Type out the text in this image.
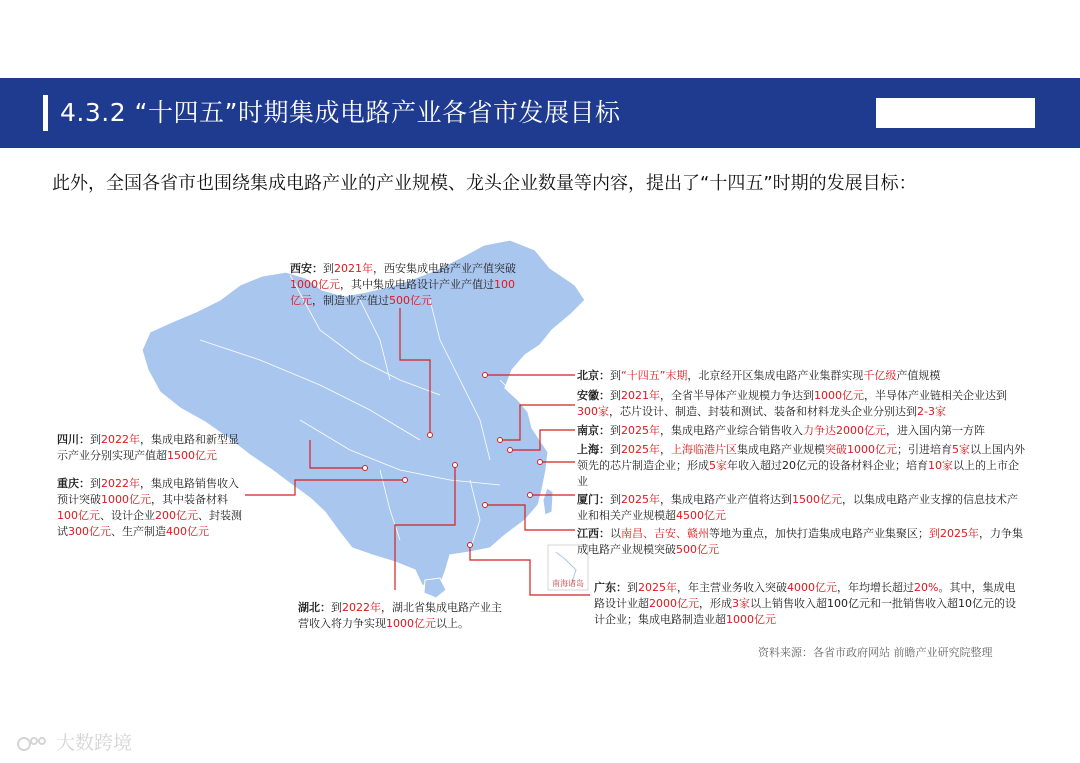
4.3.2 “十四五”时期集成电路产业各省市发展目标
此外，全国各省市也围绕集成电路产业的产业规模、龙头企业数量等内容，提出了“十四五”时期的发展目标：
南海诸岛
西安：到2021年，西安集成电路产业产值突破1000亿元，其中集成电路设计产业产值过100亿元，制造业产值过500亿元
北京：到“十四五”末期，北京经开区集成电路产业集群实现千亿级产值规模
安徽：到2021年，全省半导体产业规模力争达到1000亿元，半导体产业链相关企业达到300家，芯片设计、制造、封装和测试、装备和材料龙头企业分别达到2-3家
南京：到2025年，集成电路产业综合销售收入力争达2000亿元，进入国内第一方阵
上海：到2025年，上海临港片区集成电路产业规模突破1000亿元；引进培育5家以上国内外领先的芯片制造企业；形成5家年收入超过20亿元的设备材料企业；培育10家以上的上市企业
厦门：到2025年，集成电路产业产值将达到1500亿元，以集成电路产业支撑的信息技术产业和相关产业规模超4500亿元
江西：以南昌、吉安、赣州等地为重点，加快打造集成电路产业集聚区；到2025年，力争集成电路产业规模突破500亿元
广东：到2025年，年主营业务收入突破4000亿元，年均增长超过20%。其中，集成电路设计业超2000亿元，形成3家以上销售收入超100亿元和一批销售收入超10亿元的设计企业；集成电路制造业超1000亿元
湖北：到2022年，湖北省集成电路产业主营收入将力争实现1000亿元以上。
四川：到2022年，集成电路和新型显示产业分别实现产值超1500亿元
重庆：到2022年，集成电路销售收入预计突破1000亿元，其中装备材料100亿元、设计企业200亿元、封装测试300亿元、生产制造400亿元
资料来源：各省市政府网站 前瞻产业研究院整理
大数跨境
